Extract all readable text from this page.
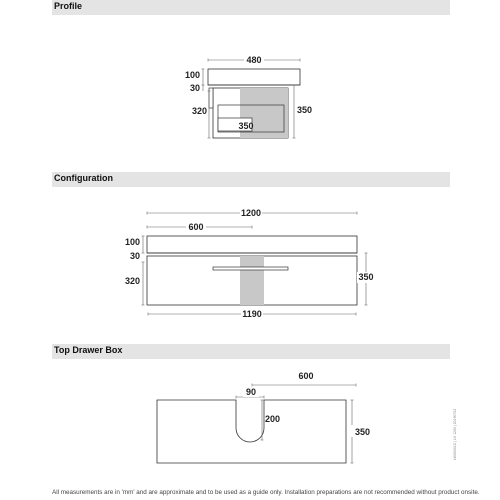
Profile
Configuration
Top Drawer Box
480
350
100
30
320	350
1200
600
100
30
320	350
1190
600
90
200
350	LW60001C | LV 1200 | 20190702
All measurements are in 'mm' and are approximate and to be used as a guide only. Installation preparations are not recommended without product onsite.
